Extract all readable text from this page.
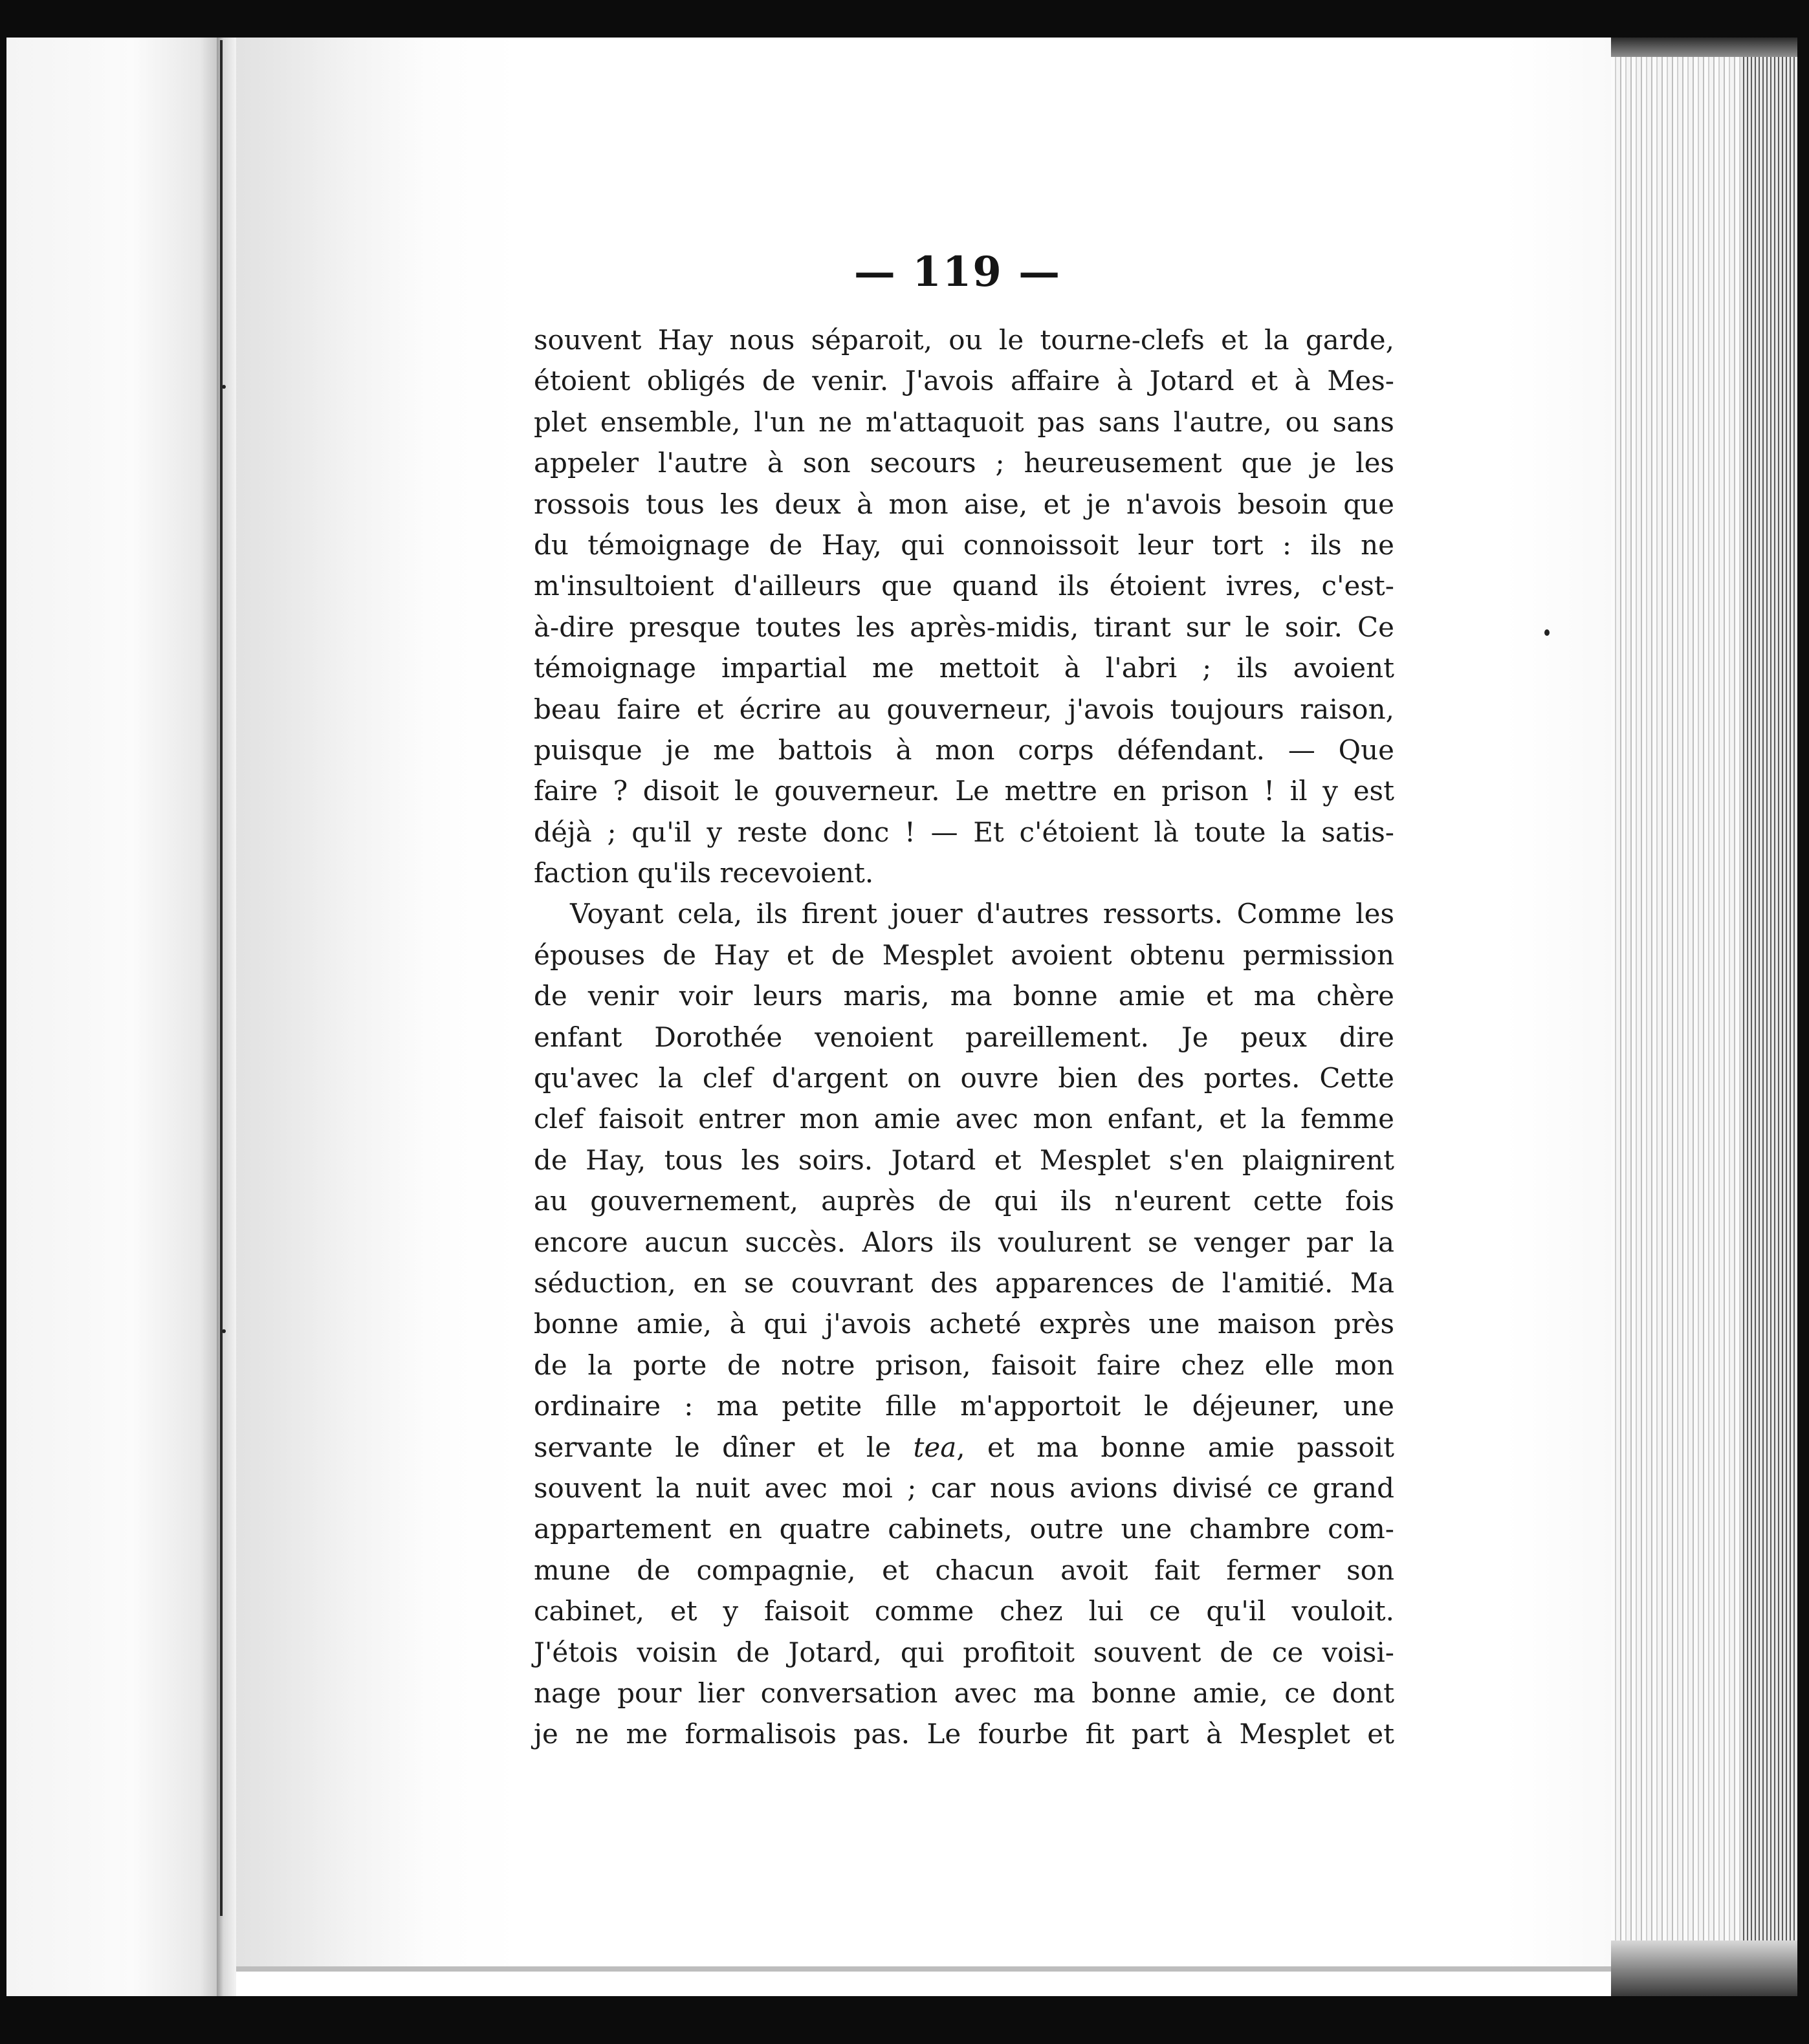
— 119 —
souvent Hay nous séparoit, ou le tourne-clefs et la garde,
étoient obligés de venir. J'avois affaire à Jotard et à Mes-
plet ensemble, l'un ne m'attaquoit pas sans l'autre, ou sans
appeler l'autre à son secours ; heureusement que je les
rossois tous les deux à mon aise, et je n'avois besoin que
du témoignage de Hay, qui connoissoit leur tort : ils ne
m'insultoient d'ailleurs que quand ils étoient ivres, c'est-
à-dire presque toutes les après-midis, tirant sur le soir. Ce
témoignage impartial me mettoit à l'abri ; ils avoient
beau faire et écrire au gouverneur, j'avois toujours raison,
puisque je me battois à mon corps défendant. — Que
faire ? disoit le gouverneur. Le mettre en prison ! il y est
déjà ; qu'il y reste donc ! — Et c'étoient là toute la satis-
faction qu'ils recevoient.
Voyant cela, ils firent jouer d'autres ressorts. Comme les
épouses de Hay et de Mesplet avoient obtenu permission
de venir voir leurs maris, ma bonne amie et ma chère
enfant Dorothée venoient pareillement. Je peux dire
qu'avec la clef d'argent on ouvre bien des portes. Cette
clef faisoit entrer mon amie avec mon enfant, et la femme
de Hay, tous les soirs. Jotard et Mesplet s'en plaignirent
au gouvernement, auprès de qui ils n'eurent cette fois
encore aucun succès. Alors ils voulurent se venger par la
séduction, en se couvrant des apparences de l'amitié. Ma
bonne amie, à qui j'avois acheté exprès une maison près
de la porte de notre prison, faisoit faire chez elle mon
ordinaire : ma petite fille m'apportoit le déjeuner, une
servante le dîner et le tea, et ma bonne amie passoit
souvent la nuit avec moi ; car nous avions divisé ce grand
appartement en quatre cabinets, outre une chambre com-
mune de compagnie, et chacun avoit fait fermer son
cabinet, et y faisoit comme chez lui ce qu'il vouloit.
J'étois voisin de Jotard, qui profitoit souvent de ce voisi-
nage pour lier conversation avec ma bonne amie, ce dont
je ne me formalisois pas. Le fourbe fit part à Mesplet et
